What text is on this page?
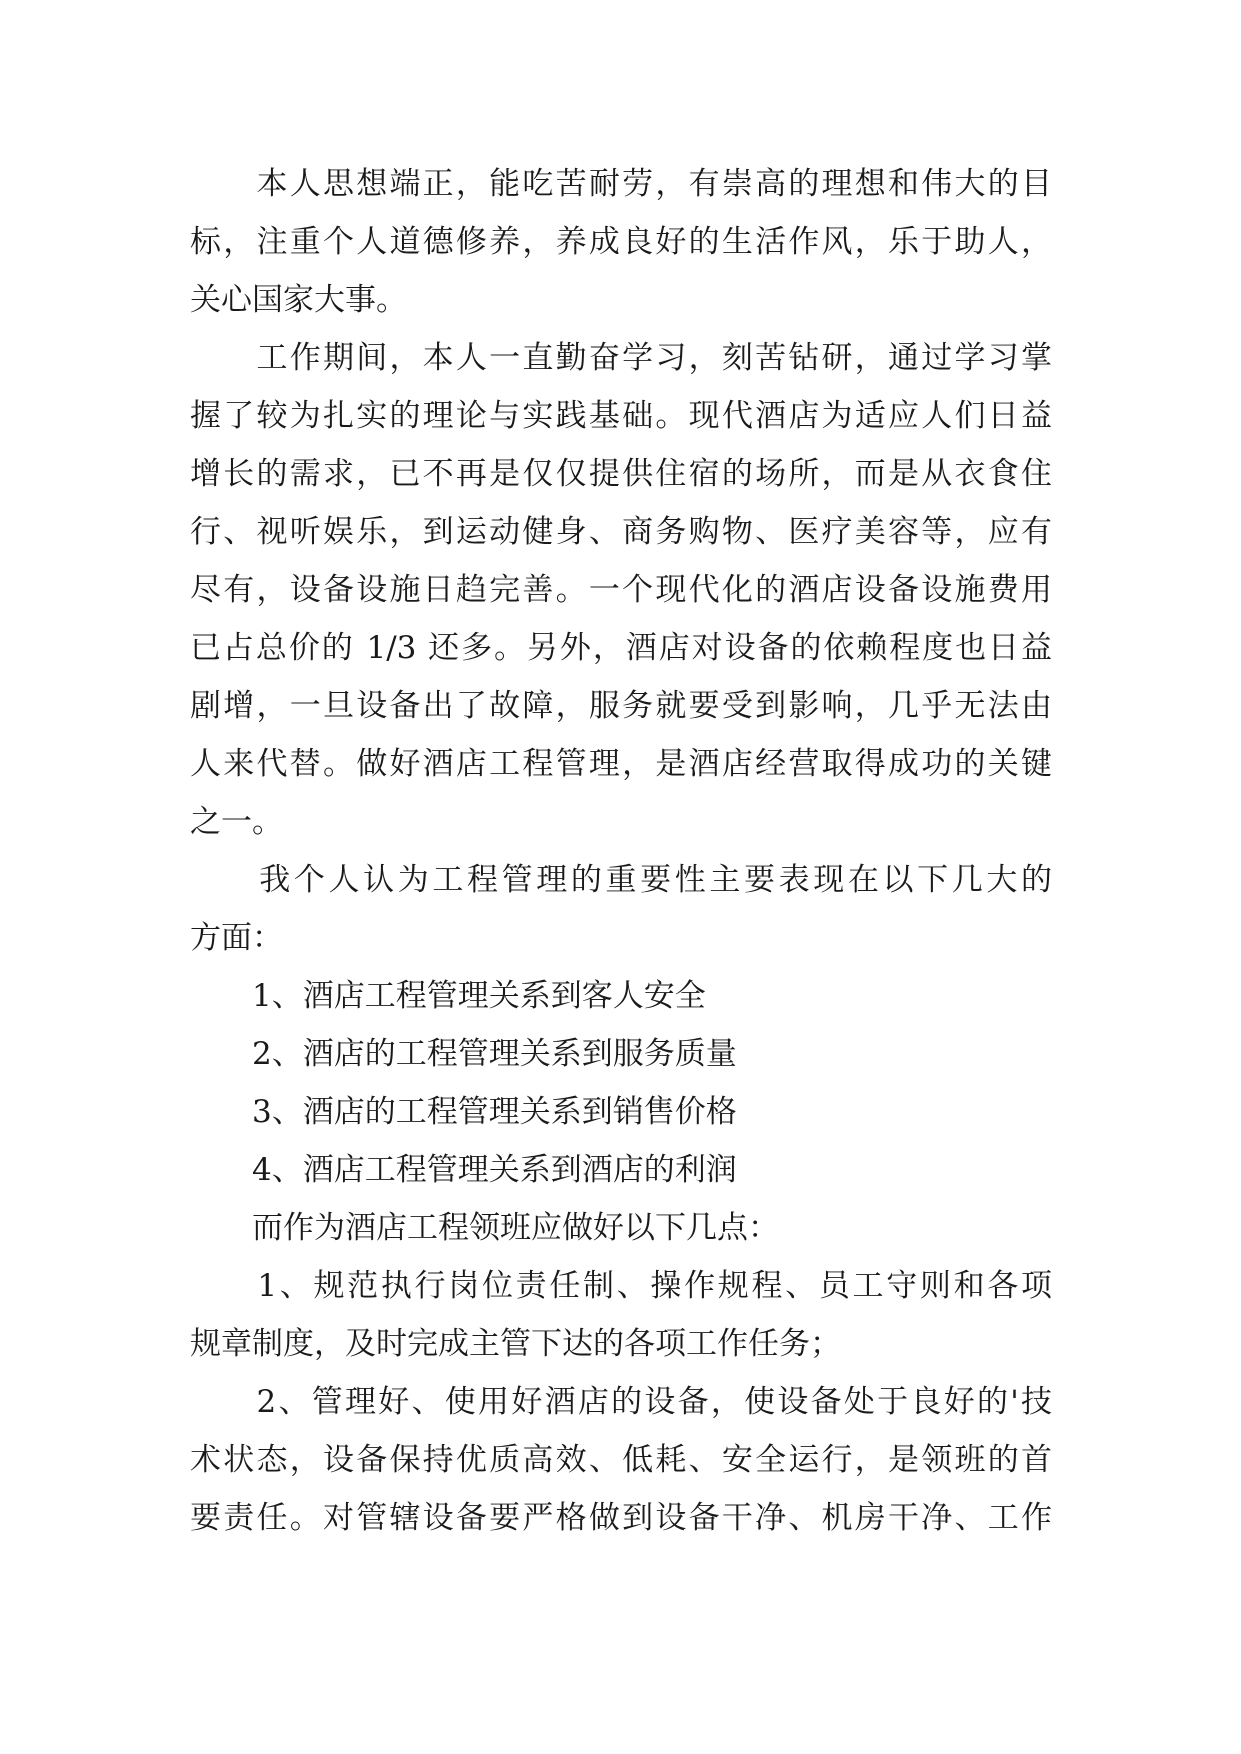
　　本人思想端正，能吃苦耐劳，有崇高的理想和伟大的目
标，注重个人道德修养，养成良好的生活作风，乐于助人，
关心国家大事。
　　工作期间，本人一直勤奋学习，刻苦钻研，通过学习掌
握了较为扎实的理论与实践基础。现代酒店为适应人们日益
增长的需求，已不再是仅仅提供住宿的场所，而是从衣食住
行、视听娱乐，到运动健身、商务购物、医疗美容等，应有
尽有，设备设施日趋完善。一个现代化的酒店设备设施费用
已占总价的 1/3 还多。另外，酒店对设备的依赖程度也日益
剧增，一旦设备出了故障，服务就要受到影响，几乎无法由
人来代替。做好酒店工程管理，是酒店经营取得成功的关键
之一。
　　我个人认为工程管理的重要性主要表现在以下几大的
方面：
　　1、酒店工程管理关系到客人安全
　　2、酒店的工程管理关系到服务质量
　　3、酒店的工程管理关系到销售价格
　　4、酒店工程管理关系到酒店的利润
　　而作为酒店工程领班应做好以下几点：
　　1、规范执行岗位责任制、操作规程、员工守则和各项
规章制度，及时完成主管下达的各项工作任务；
　　2、管理好、使用好酒店的设备，使设备处于良好的'技
术状态，设备保持优质高效、低耗、安全运行，是领班的首
要责任。对管辖设备要严格做到设备干净、机房干净、工作
